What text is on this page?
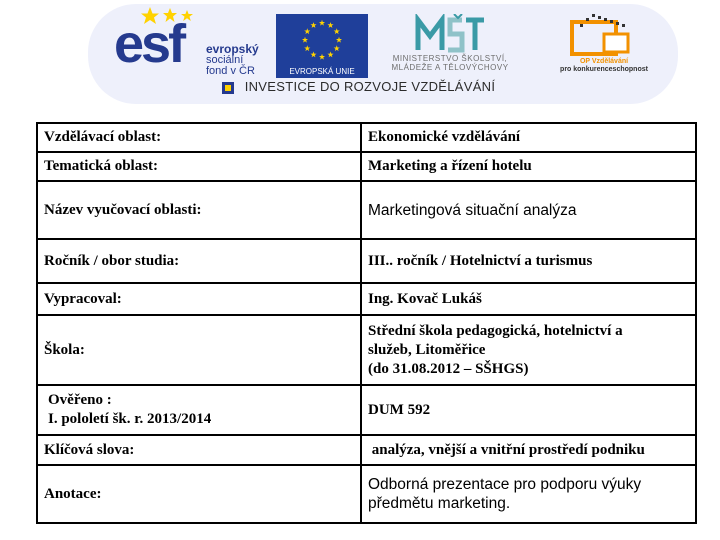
esf evropský
sociální
fond v ČR	EVROPSKÁ UNIE
MINISTERSTVO ŠKOLSTVÍ,
MLÁDEŽE A TĚLOVÝCHOVY
OP Vzdělávání
pro konkurenceschopnost
INVESTICE DO ROZVOJE VZDĚLÁVÁNÍ
Vzdělávací oblast:	Ekonomické vzdělávání
Tematická oblast:	Marketing a řízení hotelu
Název vyučovací oblasti:	Marketingová situační analýza
Ročník / obor studia:	III.. ročník / Hotelnictví a turismus
Vypracoval:	Ing. Kovač Lukáš
Škola:	Střední škola pedagogická, hotelnictví a
služeb, Litoměřice
(do 31.08.2012 – SŠHGS)

Ověřeno :
I. pololetí šk. r. 2013/2014	DUM 592
Klíčová slova:	analýza, vnější a vnitřní prostředí podniku
Anotace:	Odborná prezentace pro podporu výuky
předmětu marketing.
